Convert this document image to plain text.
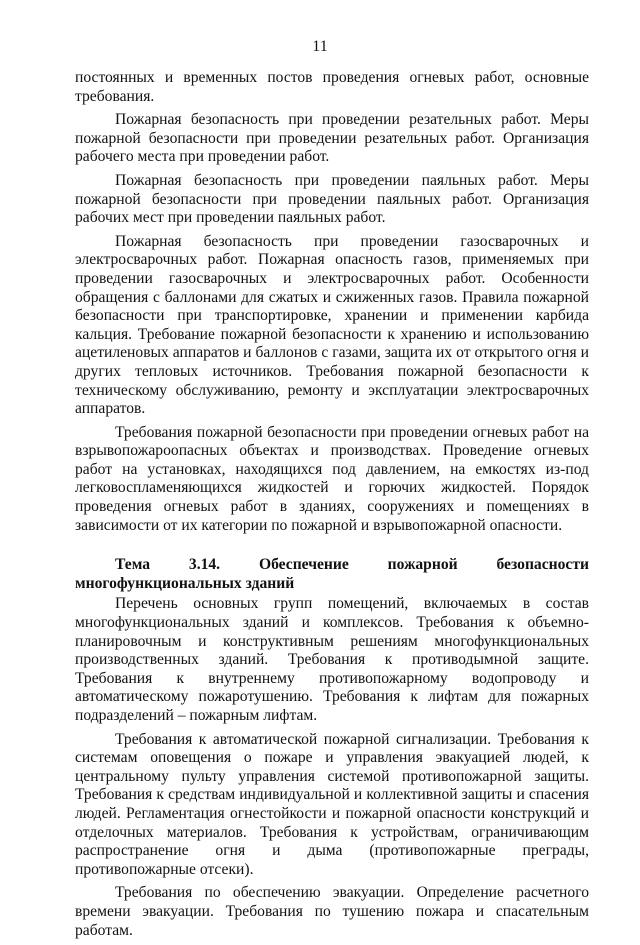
11

постоянных и временных постов проведения огневых работ, основные требования.

Пожарная безопасность при проведении резательных работ. Меры пожарной безопасности при проведении резательных работ. Организация рабочего места при проведении работ.

Пожарная безопасность при проведении паяльных работ. Меры пожарной безопасности при проведении паяльных работ. Организация рабочих мест при проведении паяльных работ.

Пожарная безопасность при проведении газосварочных и электросварочных работ. Пожарная опасность газов, применяемых при проведении газосварочных и электросварочных работ. Особенности обращения с баллонами для сжатых и сжиженных газов. Правила пожарной безопасности при транспортировке, хранении и применении карбида кальция. Требование пожарной безопасности к хранению и использованию ацетиленовых аппаратов и баллонов с газами, защита их от открытого огня и других тепловых источников. Требования пожарной безопасности к техническому обслуживанию, ремонту и эксплуатации электросварочных аппаратов.

Требования пожарной безопасности при проведении огневых работ на взрывопожароопасных объектах и производствах. Проведение огневых работ на установках, находящихся под давлением, на емкостях из-под легковоспламеняющихся жидкостей и горючих жидкостей. Порядок проведения огневых работ в зданиях, сооружениях и помещениях в зависимости от их категории по пожарной и взрывопожарной опасности.

Тема 3.14. Обеспечение пожарной безопасности
многофункциональных зданий

Перечень основных групп помещений, включаемых в состав многофункциональных зданий и комплексов. Требования к объемно-планировочным и конструктивным решениям многофункциональных производственных зданий. Требования к противодымной защите. Требования к внутреннему противопожарному водопроводу и автоматическому пожаротушению. Требования к лифтам для пожарных подразделений – пожарным лифтам.

Требования к автоматической пожарной сигнализации. Требования к системам оповещения о пожаре и управления эвакуацией людей, к центральному пульту управления системой противопожарной защиты. Требования к средствам индивидуальной и коллективной защиты и спасения людей. Регламентация огнестойкости и пожарной опасности конструкций и отделочных материалов. Требования к устройствам, ограничивающим распространение огня и дыма (противопожарные преграды, противопожарные отсеки).

Требования по обеспечению эвакуации. Определение расчетного времени эвакуации. Требования по тушению пожара и спасательным работам.
